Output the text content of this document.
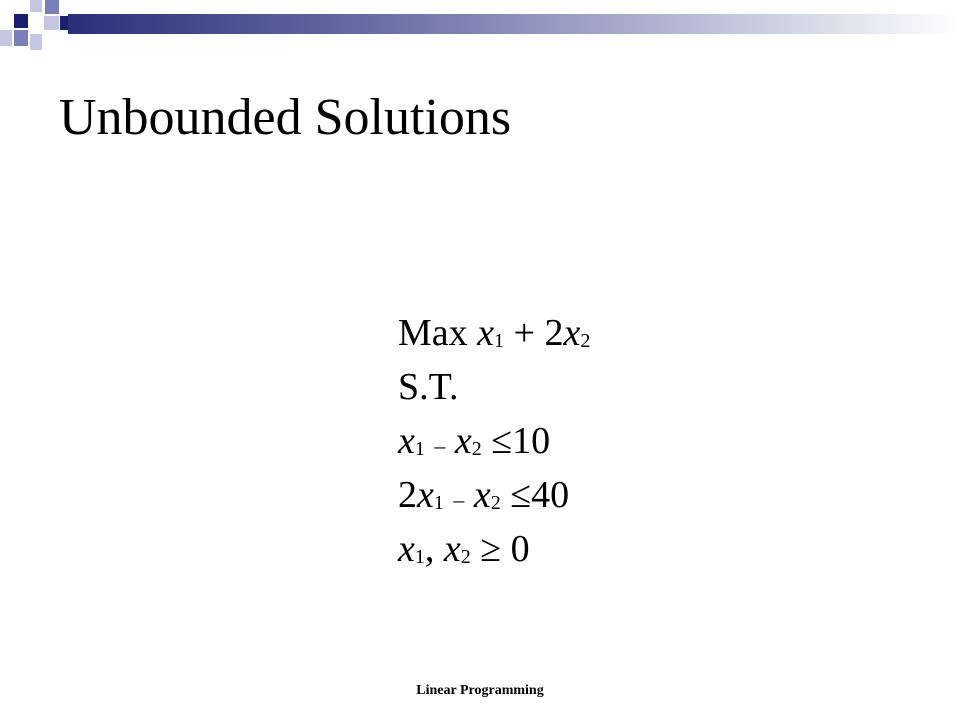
Unbounded Solutions
Max x1 + 2x2
S.T.
x1 – x2 ≤10
2x1 – x2 ≤40
x1, x2 ≥ 0
Linear Programming
